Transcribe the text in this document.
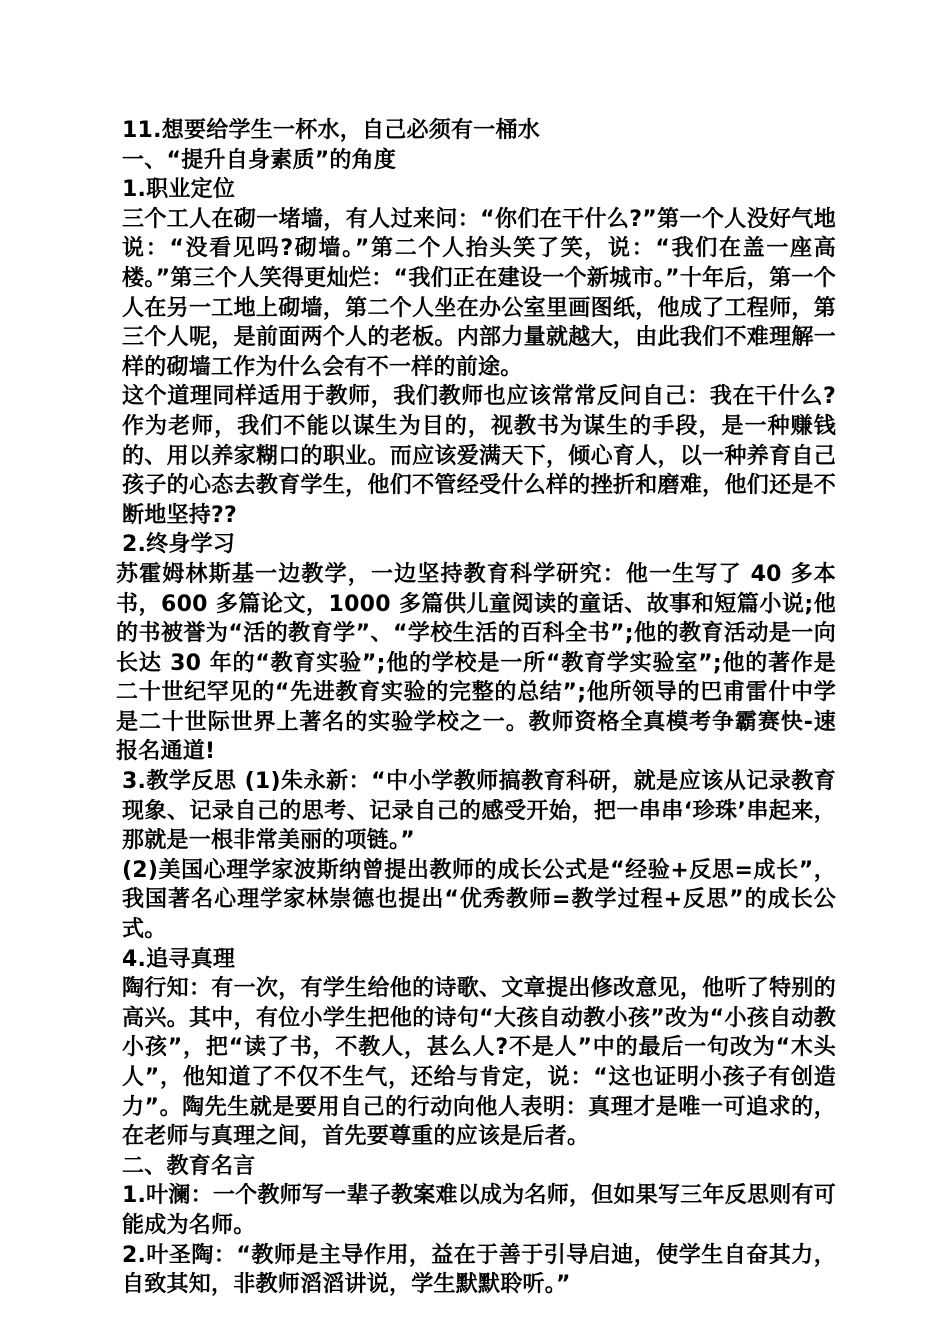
11.想要给学生一杯水，自己必须有一桶水

一、“提升自身素质”的角度

1.职业定位

三个工人在砌一堵墙，有人过来问：“你们在干什么?”第一个人没好气地说：“没看见吗?砌墙。”第二个人抬头笑了笑，说：“我们在盖一座高楼。”第三个人笑得更灿烂：“我们正在建设一个新城市。”十年后，第一个人在另一工地上砌墙，第二个人坐在办公室里画图纸，他成了工程师，第三个人呢，是前面两个人的老板。内部力量就越大，由此我们不难理解一样的砌墙工作为什么会有不一样的前途。

这个道理同样适用于教师，我们教师也应该常常反问自己：我在干什么?作为老师，我们不能以谋生为目的，视教书为谋生的手段，是一种赚钱的、用以养家糊口的职业。而应该爱满天下，倾心育人，以一种养育自己孩子的心态去教育学生，他们不管经受什么样的挫折和磨难，他们还是不断地坚持??

2.终身学习

苏霍姆林斯基一边教学，一边坚持教育科学研究：他一生写了 40 多本书，600 多篇论文，1000 多篇供儿童阅读的童话、故事和短篇小说;他的书被誉为“活的教育学”、“学校生活的百科全书”;他的教育活动是一向长达 30 年的“教育实验”;他的学校是一所“教育学实验室”;他的著作是二十世纪罕见的“先进教育实验的完整的总结”;他所领导的巴甫雷什中学是二十世际世界上著名的实验学校之一。教师资格全真模考争霸赛快-速报名通道!

3.教学反思 (1)朱永新：“中小学教师搞教育科研，就是应该从记录教育现象、记录自己的思考、记录自己的感受开始，把一串串‘珍珠’串起来，那就是一根非常美丽的项链。”

(2)美国心理学家波斯纳曾提出教师的成长公式是“经验+反思=成长”，我国著名心理学家林崇德也提出“优秀教师=教学过程+反思”的成长公式。

4.追寻真理

陶行知：有一次，有学生给他的诗歌、文章提出修改意见，他听了特别的高兴。其中，有位小学生把他的诗句“大孩自动教小孩”改为“小孩自动教小孩”，把“读了书，不教人，甚么人?不是人”中的最后一句改为“木头人”，他知道了不仅不生气，还给与肯定，说：“这也证明小孩子有创造力”。陶先生就是要用自己的行动向他人表明：真理才是唯一可追求的，在老师与真理之间，首先要尊重的应该是后者。

二、教育名言

1.叶澜：一个教师写一辈子教案难以成为名师，但如果写三年反思则有可能成为名师。

2.叶圣陶：“教师是主导作用，益在于善于引导启迪，使学生自奋其力，自致其知，非教师滔滔讲说，学生默默聆听。”
